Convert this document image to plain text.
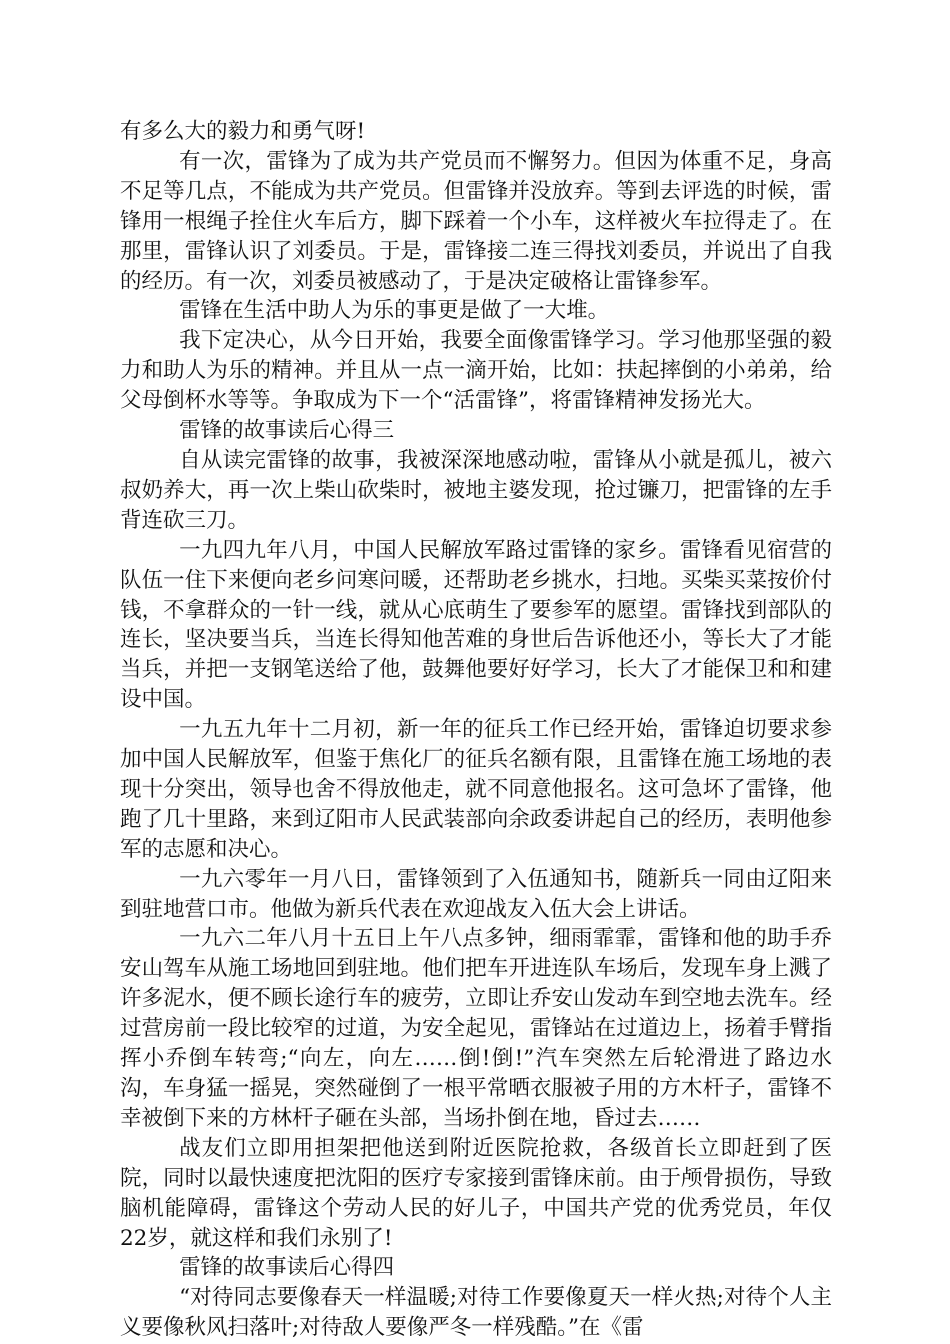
有多么大的毅力和勇气呀!

有一次，雷锋为了成为共产党员而不懈努力。但因为体重不足，身高不足等几点，不能成为共产党员。但雷锋并没放弃。等到去评选的时候，雷锋用一根绳子拴住火车后方，脚下踩着一个小车，这样被火车拉得走了。在那里，雷锋认识了刘委员。于是，雷锋接二连三得找刘委员，并说出了自我的经历。有一次，刘委员被感动了，于是决定破格让雷锋参军。

雷锋在生活中助人为乐的事更是做了一大堆。

我下定决心，从今日开始，我要全面像雷锋学习。学习他那坚强的毅力和助人为乐的精神。并且从一点一滴开始，比如：扶起摔倒的小弟弟，给父母倒杯水等等。争取成为下一个“活雷锋”，将雷锋精神发扬光大。

雷锋的故事读后心得三

自从读完雷锋的故事，我被深深地感动啦，雷锋从小就是孤儿，被六叔奶养大，再一次上柴山砍柴时，被地主婆发现，抢过镰刀，把雷锋的左手背连砍三刀。

一九四九年八月，中国人民解放军路过雷锋的家乡。雷锋看见宿营的队伍一住下来便向老乡问寒问暖，还帮助老乡挑水，扫地。买柴买菜按价付钱，不拿群众的一针一线，就从心底萌生了要参军的愿望。雷锋找到部队的连长，坚决要当兵，当连长得知他苦难的身世后告诉他还小，等长大了才能当兵，并把一支钢笔送给了他，鼓舞他要好好学习，长大了才能保卫和和建设中国。

一九五九年十二月初，新一年的征兵工作已经开始，雷锋迫切要求参加中国人民解放军，但鉴于焦化厂的征兵名额有限，且雷锋在施工场地的表现十分突出，领导也舍不得放他走，就不同意他报名。这可急坏了雷锋，他跑了几十里路，来到辽阳市人民武装部向余政委讲起自己的经历，表明他参军的志愿和决心。

一九六零年一月八日，雷锋领到了入伍通知书，随新兵一同由辽阳来到驻地营口市。他做为新兵代表在欢迎战友入伍大会上讲话。

一九六二年八月十五日上午八点多钟，细雨霏霏，雷锋和他的助手乔安山驾车从施工场地回到驻地。他们把车开进连队车场后，发现车身上溅了许多泥水，便不顾长途行车的疲劳，立即让乔安山发动车到空地去洗车。经过营房前一段比较窄的过道，为安全起见，雷锋站在过道边上，扬着手臂指挥小乔倒车转弯;“向左，向左……倒!倒!”汽车突然左后轮滑进了路边水沟，车身猛一摇晃，突然碰倒了一根平常晒衣服被子用的方木杆子，雷锋不幸被倒下来的方林杆子砸在头部，当场扑倒在地，昏过去……

战友们立即用担架把他送到附近医院抢救，各级首长立即赶到了医院，同时以最快速度把沈阳的医疗专家接到雷锋床前。由于颅骨损伤，导致脑机能障碍，雷锋这个劳动人民的好儿子，中国共产党的优秀党员，年仅22岁，就这样和我们永别了!

雷锋的故事读后心得四

“对待同志要像春天一样温暖;对待工作要像夏天一样火热;对待个人主义要像秋风扫落叶;对待敌人要像严冬一样残酷。”在《雷
